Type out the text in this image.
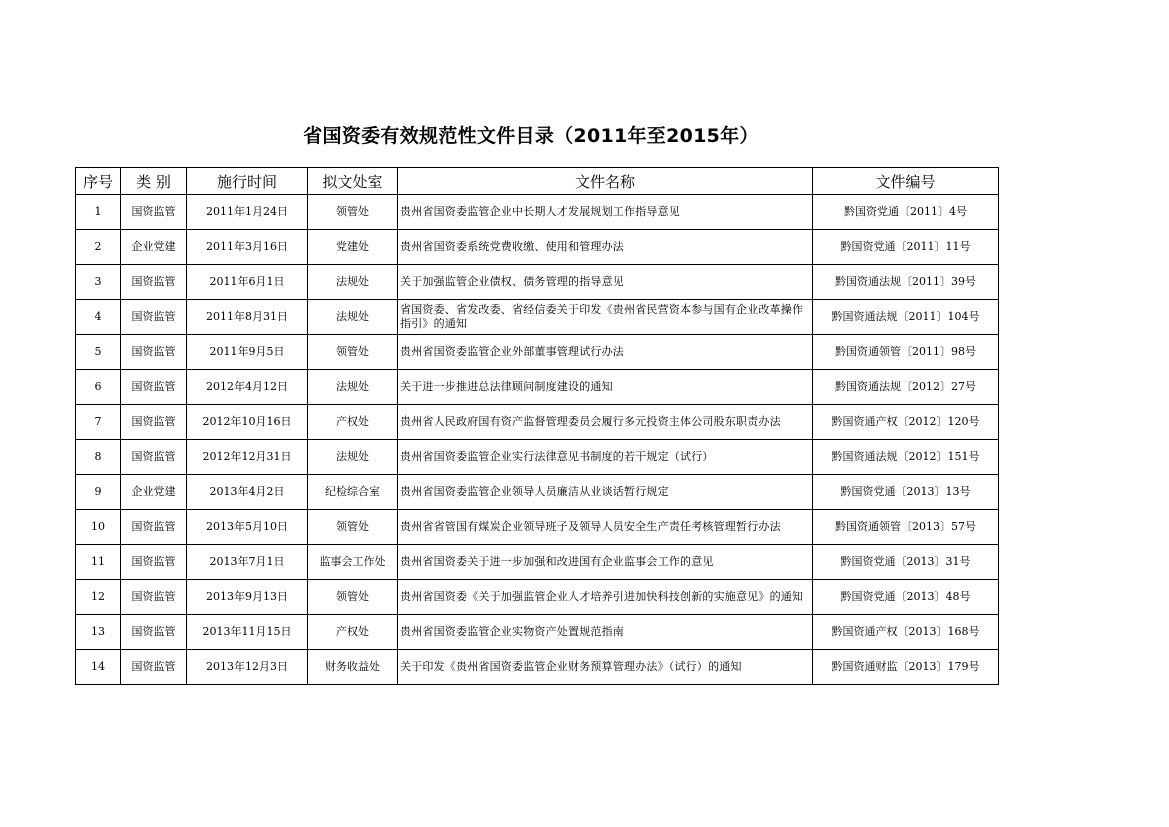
省国资委有效规范性文件目录（2011年至2015年）
序号	类 别	施行时间	拟文处室	文件名称	文件编号
1	国资监管	2011年1月24日	领管处	贵州省国资委监管企业中长期人才发展规划工作指导意见	黔国资党通〔2011〕4号
2	企业党建	2011年3月16日	党建处	贵州省国资委系统党费收缴、使用和管理办法	黔国资党通〔2011〕11号
3	国资监管	2011年6月1日	法规处	关于加强监管企业债权、债务管理的指导意见	黔国资通法规〔2011〕39号
4	国资监管	2011年8月31日	法规处	省国资委、省发改委、省经信委关于印发《贵州省民营资本参与国有企业改革操作指引》的通知	黔国资通法规〔2011〕104号
5	国资监管	2011年9月5日	领管处	贵州省国资委监管企业外部董事管理试行办法	黔国资通领管〔2011〕98号
6	国资监管	2012年4月12日	法规处	关于进一步推进总法律顾问制度建设的通知	黔国资通法规〔2012〕27号
7	国资监管	2012年10月16日	产权处	贵州省人民政府国有资产监督管理委员会履行多元投资主体公司股东职责办法	黔国资通产权〔2012〕120号
8	国资监管	2012年12月31日	法规处	贵州省国资委监管企业实行法律意见书制度的若干规定（试行）	黔国资通法规〔2012〕151号
9	企业党建	2013年4月2日	纪检综合室	贵州省国资委监管企业领导人员廉洁从业谈话暂行规定	黔国资党通〔2013〕13号
10	国资监管	2013年5月10日	领管处	贵州省省管国有煤炭企业领导班子及领导人员安全生产责任考核管理暂行办法	黔国资通领管〔2013〕57号
11	国资监管	2013年7月1日	监事会工作处	贵州省国资委关于进一步加强和改进国有企业监事会工作的意见	黔国资党通〔2013〕31号
12	国资监管	2013年9月13日	领管处	贵州省国资委《关于加强监管企业人才培养引进加快科技创新的实施意见》的通知	黔国资党通〔2013〕48号
13	国资监管	2013年11月15日	产权处	贵州省国资委监管企业实物资产处置规范指南	黔国资通产权〔2013〕168号
14	国资监管	2013年12月3日	财务收益处	关于印发《贵州省国资委监管企业财务预算管理办法》（试行）的通知	黔国资通财监〔2013〕179号
